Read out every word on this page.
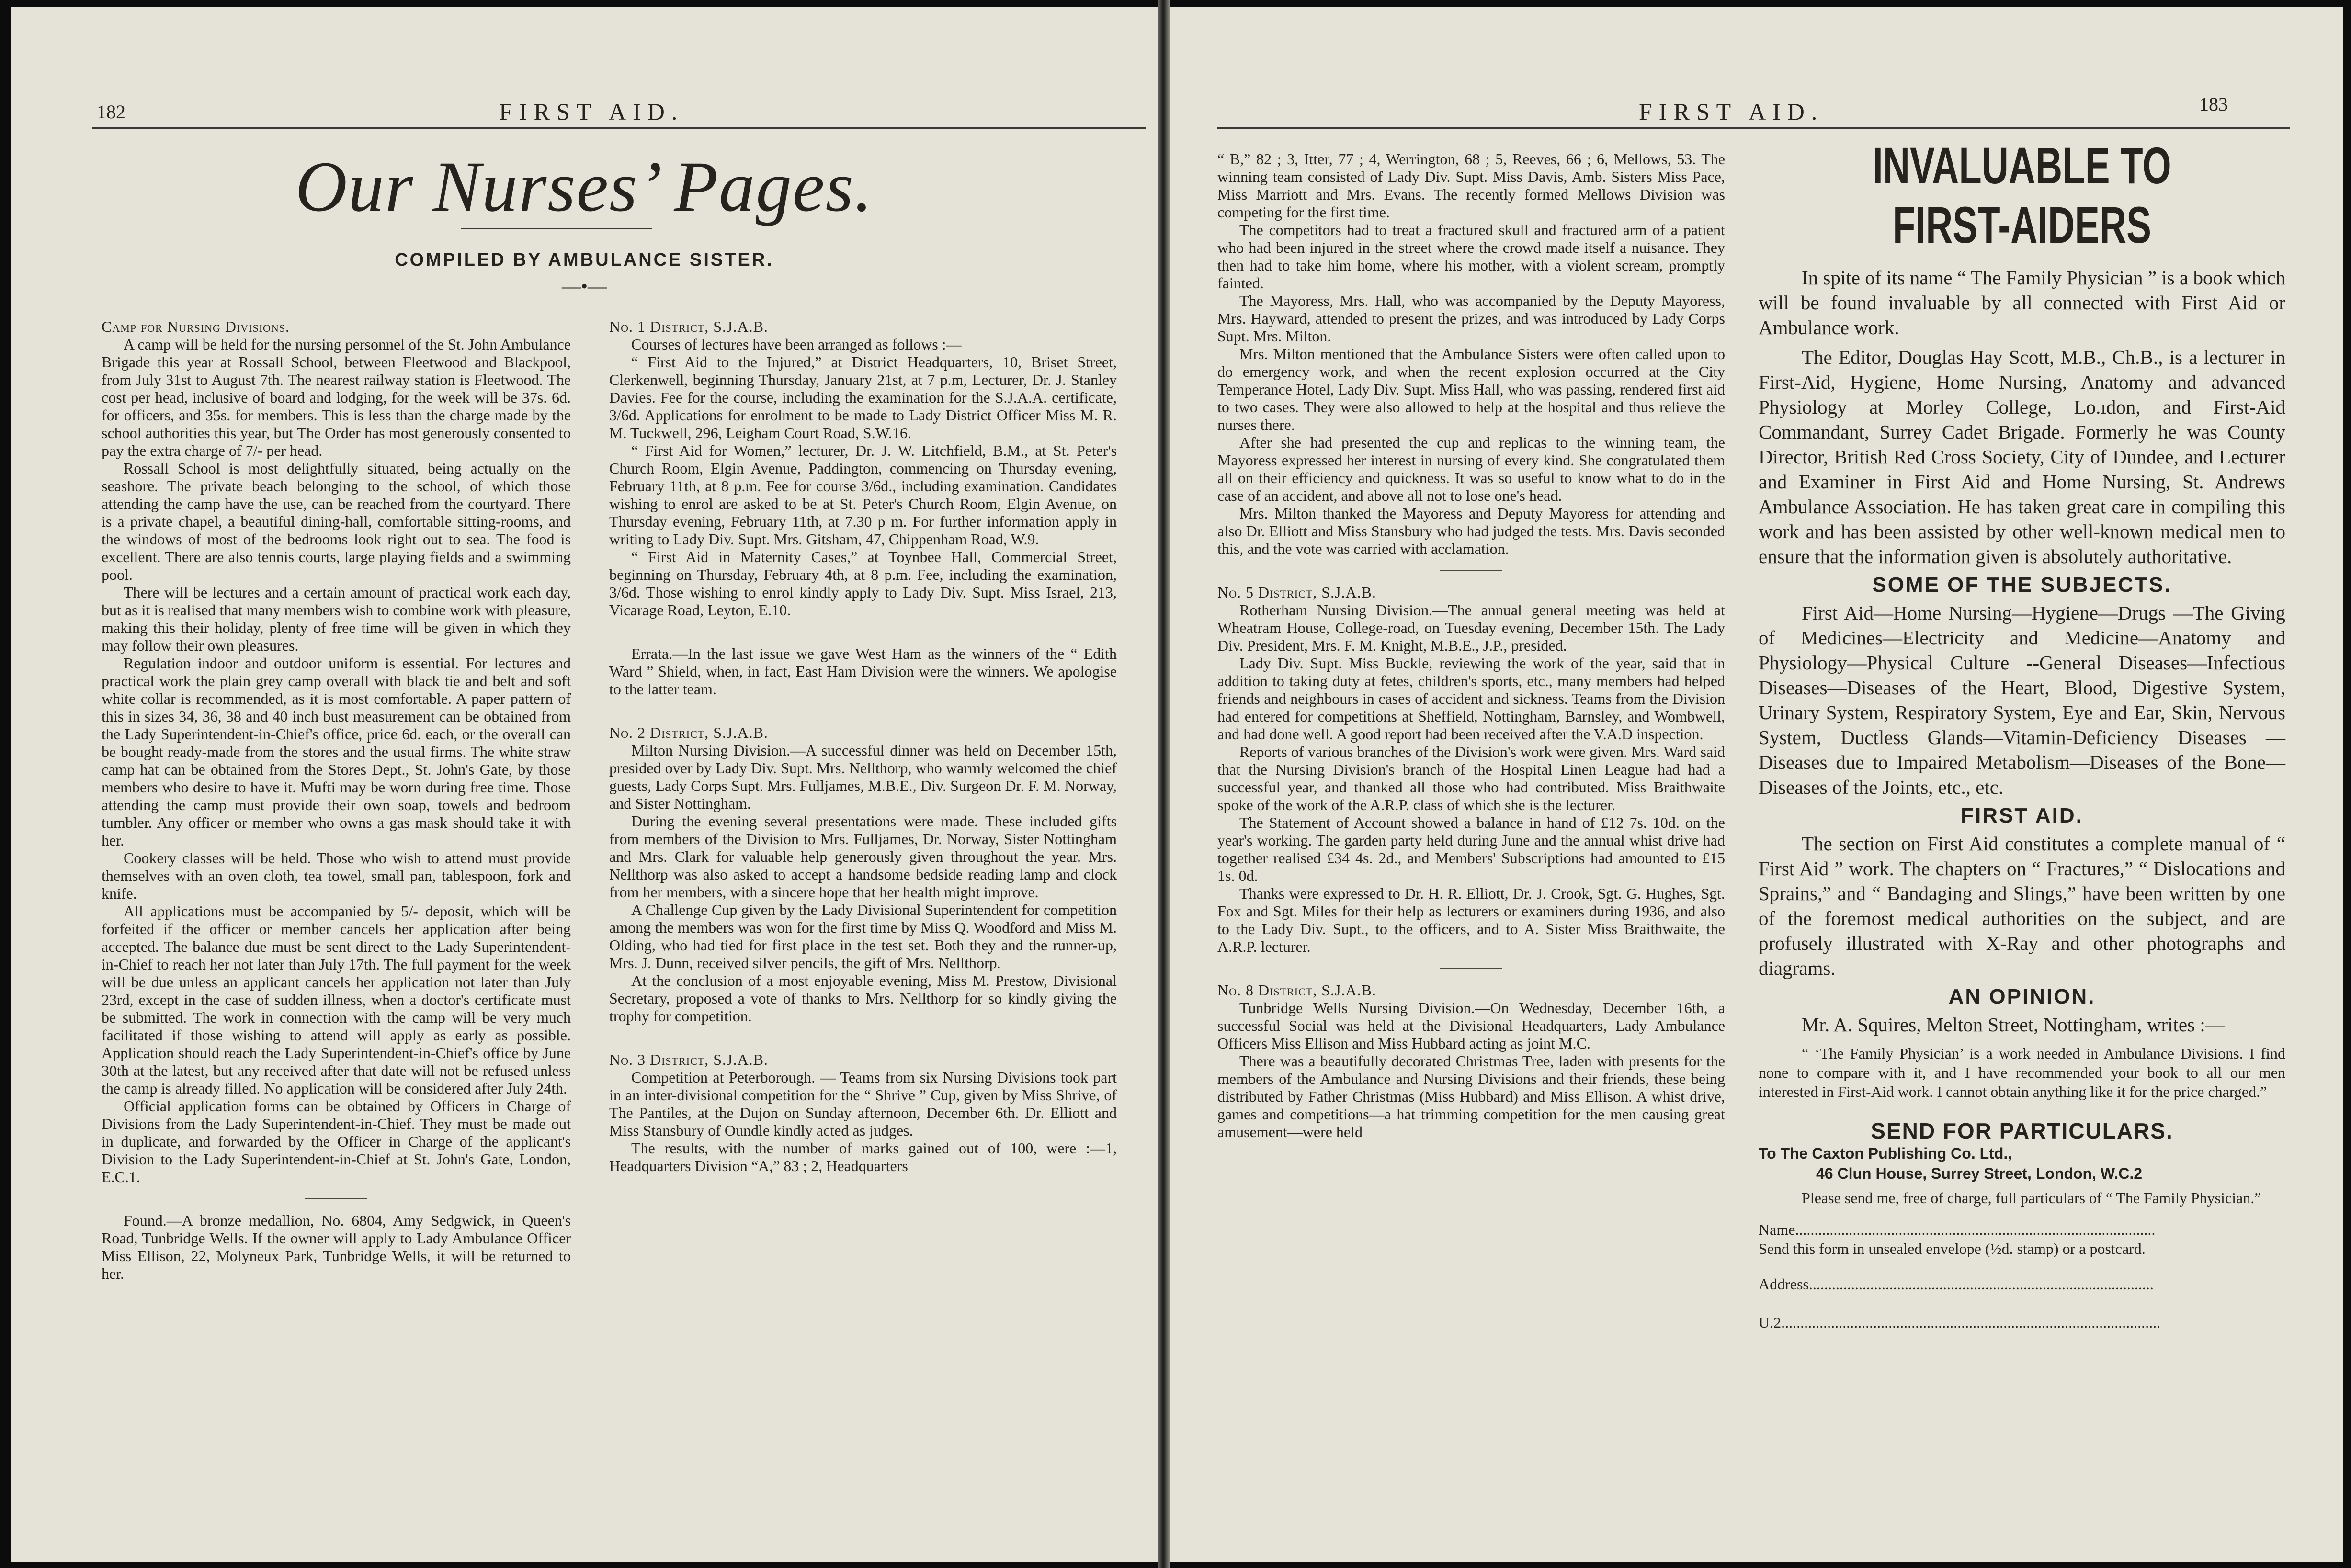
182	FIRST AID.
Our Nurses’ Pages.
COMPILED BY AMBULANCE SISTER.
—•—

Camp for Nursing Divisions.

A camp will be held for the nursing personnel of the St. John Ambulance Brigade this year at Rossall School, between Fleetwood and Blackpool, from July 31st to August 7th. The nearest railway station is Fleetwood. The cost per head, inclusive of board and lodging, for the week will be 37s. 6d. for officers, and 35s. for members. This is less than the charge made by the school authorities this year, but The Order has most generously consented to pay the extra charge of 7/- per head.

Rossall School is most delightfully situated, being actually on the seashore. The private beach belonging to the school, of which those attending the camp have the use, can be reached from the courtyard. There is a private chapel, a beautiful dining-hall, comfortable sitting-rooms, and the windows of most of the bedrooms look right out to sea. The food is excellent. There are also tennis courts, large playing fields and a swimming pool.

There will be lectures and a certain amount of practical work each day, but as it is realised that many members wish to combine work with pleasure, making this their holiday, plenty of free time will be given in which they may follow their own pleasures.

Regulation indoor and outdoor uniform is essential. For lectures and practical work the plain grey camp overall with black tie and belt and soft white collar is recommended, as it is most comfortable. A paper pattern of this in sizes 34, 36, 38 and 40 inch bust measurement can be obtained from the Lady Superintendent-in-Chief's office, price 6d. each, or the overall can be bought ready-made from the stores and the usual firms. The white straw camp hat can be obtained from the Stores Dept., St. John's Gate, by those members who desire to have it. Mufti may be worn during free time. Those attending the camp must provide their own soap, towels and bedroom tumbler. Any officer or member who owns a gas mask should take it with her.

Cookery classes will be held. Those who wish to attend must provide themselves with an oven cloth, tea towel, small pan, tablespoon, fork and knife.

All applications must be accompanied by 5/- deposit, which will be forfeited if the officer or member cancels her application after being accepted. The balance due must be sent direct to the Lady Superintendent-in-Chief to reach her not later than July 17th. The full payment for the week will be due unless an applicant cancels her application not later than July 23rd, except in the case of sudden illness, when a doctor's certificate must be submitted. The work in connection with the camp will be very much facilitated if those wishing to attend will apply as early as possible. Application should reach the Lady Superintendent-in-Chief's office by June 30th at the latest, but any received after that date will not be refused unless the camp is already filled. No application will be considered after July 24th.

Official application forms can be obtained by Officers in Charge of Divisions from the Lady Superintendent-in-Chief. They must be made out in duplicate, and forwarded by the Officer in Charge of the applicant's Division to the Lady Superintendent-in-Chief at St. John's Gate, London, E.C.1.

Found.—A bronze medallion, No. 6804, Amy Sedgwick, in Queen's Road, Tunbridge Wells. If the owner will apply to Lady Ambulance Officer Miss Ellison, 22, Molyneux Park, Tunbridge Wells, it will be returned to her.

No. 1 District, S.J.A.B.

Courses of lectures have been arranged as follows :—

“ First Aid to the Injured,” at District Headquarters, 10, Briset Street, Clerkenwell, beginning Thursday, January 21st, at 7 p.m, Lecturer, Dr. J. Stanley Davies. Fee for the course, including the examination for the S.J.A.A. certificate, 3/6d. Applications for enrolment to be made to Lady District Officer Miss M. R. M. Tuckwell, 296, Leigham Court Road, S.W.16.

“ First Aid for Women,” lecturer, Dr. J. W. Litchfield, B.M., at St. Peter's Church Room, Elgin Avenue, Paddington, commencing on Thursday evening, February 11th, at 8 p.m. Fee for course 3/6d., including examination. Candidates wishing to enrol are asked to be at St. Peter's Church Room, Elgin Avenue, on Thursday evening, February 11th, at 7.30 p m. For further information apply in writing to Lady Div. Supt. Mrs. Gitsham, 47, Chippenham Road, W.9.

“ First Aid in Maternity Cases,” at Toynbee Hall, Commercial Street, beginning on Thursday, February 4th, at 8 p.m. Fee, including the examination, 3/6d. Those wishing to enrol kindly apply to Lady Div. Supt. Miss Israel, 213, Vicarage Road, Leyton, E.10.

Errata.—In the last issue we gave West Ham as the winners of the “ Edith Ward ” Shield, when, in fact, East Ham Division were the winners. We apologise to the latter team.

No. 2 District, S.J.A.B.

Milton Nursing Division.—A successful dinner was held on December 15th, presided over by Lady Div. Supt. Mrs. Nellthorp, who warmly welcomed the chief guests, Lady Corps Supt. Mrs. Fulljames, M.B.E., Div. Surgeon Dr. F. M. Norway, and Sister Nottingham.

During the evening several presentations were made. These included gifts from members of the Division to Mrs. Fulljames, Dr. Norway, Sister Nottingham and Mrs. Clark for valuable help generously given throughout the year. Mrs. Nellthorp was also asked to accept a handsome bedside reading lamp and clock from her members, with a sincere hope that her health might improve.

A Challenge Cup given by the Lady Divisional Superintendent for competition among the members was won for the first time by Miss Q. Woodford and Miss M. Olding, who had tied for first place in the test set. Both they and the runner-up, Mrs. J. Dunn, received silver pencils, the gift of Mrs. Nellthorp.

At the conclusion of a most enjoyable evening, Miss M. Prestow, Divisional Secretary, proposed a vote of thanks to Mrs. Nellthorp for so kindly giving the trophy for competition.

No. 3 District, S.J.A.B.

Competition at Peterborough. — Teams from six Nursing Divisions took part in an inter-divisional competition for the “ Shrive ” Cup, given by Miss Shrive, of The Pantiles, at the Dujon on Sunday afternoon, December 6th. Dr. Elliott and Miss Stansbury of Oundle kindly acted as judges.

The results, with the number of marks gained out of 100, were :—1, Headquarters Division “A,” 83 ; 2, Headquarters

FIRST AID.	183

“ B,” 82 ; 3, Itter, 77 ; 4, Werrington, 68 ; 5, Reeves, 66 ; 6, Mellows, 53. The winning team consisted of Lady Div. Supt. Miss Davis, Amb. Sisters Miss Pace, Miss Marriott and Mrs. Evans. The recently formed Mellows Division was competing for the first time.

The competitors had to treat a fractured skull and fractured arm of a patient who had been injured in the street where the crowd made itself a nuisance. They then had to take him home, where his mother, with a violent scream, promptly fainted.

The Mayoress, Mrs. Hall, who was accompanied by the Deputy Mayoress, Mrs. Hayward, attended to present the prizes, and was introduced by Lady Corps Supt. Mrs. Milton.

Mrs. Milton mentioned that the Ambulance Sisters were often called upon to do emergency work, and when the recent explosion occurred at the City Temperance Hotel, Lady Div. Supt. Miss Hall, who was passing, rendered first aid to two cases. They were also allowed to help at the hospital and thus relieve the nurses there.

After she had presented the cup and replicas to the winning team, the Mayoress expressed her interest in nursing of every kind. She congratulated them all on their efficiency and quickness. It was so useful to know what to do in the case of an accident, and above all not to lose one's head.

Mrs. Milton thanked the Mayoress and Deputy Mayoress for attending and also Dr. Elliott and Miss Stansbury who had judged the tests. Mrs. Davis seconded this, and the vote was carried with acclamation.

No. 5 District, S.J.A.B.

Rotherham Nursing Division.—The annual general meeting was held at Wheatram House, College-road, on Tuesday evening, December 15th. The Lady Div. President, Mrs. F. M. Knight, M.B.E., J.P., presided.

Lady Div. Supt. Miss Buckle, reviewing the work of the year, said that in addition to taking duty at fetes, children's sports, etc., many members had helped friends and neighbours in cases of accident and sickness. Teams from the Division had entered for competitions at Sheffield, Nottingham, Barnsley, and Wombwell, and had done well. A good report had been received after the V.A.D inspection.

Reports of various branches of the Division's work were given. Mrs. Ward said that the Nursing Division's branch of the Hospital Linen League had had a successful year, and thanked all those who had contributed. Miss Braithwaite spoke of the work of the A.R.P. class of which she is the lecturer.

The Statement of Account showed a balance in hand of £12 7s. 10d. on the year's working. The garden party held during June and the annual whist drive had together realised £34 4s. 2d., and Members' Subscriptions had amounted to £15 1s. 0d.

Thanks were expressed to Dr. H. R. Elliott, Dr. J. Crook, Sgt. G. Hughes, Sgt. Fox and Sgt. Miles for their help as lecturers or examiners during 1936, and also to the Lady Div. Supt., to the officers, and to A. Sister Miss Braithwaite, the A.R.P. lecturer.

No. 8 District, S.J.A.B.

Tunbridge Wells Nursing Division.—On Wednesday, December 16th, a successful Social was held at the Divisional Headquarters, Lady Ambulance Officers Miss Ellison and Miss Hubbard acting as joint M.C.

There was a beautifully decorated Christmas Tree, laden with presents for the members of the Ambulance and Nursing Divisions and their friends, these being distributed by Father Christmas (Miss Hubbard) and Miss Ellison. A whist drive, games and competitions—a hat trimming competition for the men causing great amusement—were held

INVALUABLE TO
FIRST-AIDERS

In spite of its name “ The Family Physician ” is a book which will be found invaluable by all connected with First Aid or Ambulance work.

The Editor, Douglas Hay Scott, M.B., Ch.B., is a lecturer in First-Aid, Hygiene, Home Nursing, Anatomy and advanced Physiology at Morley College, Lo.ıdon, and First-Aid Commandant, Surrey Cadet Brigade. Formerly he was County Director, British Red Cross Society, City of Dundee, and Lecturer and Examiner in First Aid and Home Nursing, St. Andrews Ambulance Association. He has taken great care in compiling this work and has been assisted by other well-known medical men to ensure that the information given is absolutely authoritative.

SOME OF THE SUBJECTS.

First Aid—Home Nursing—Hygiene—Drugs —The Giving of Medicines—Electricity and Medicine—Anatomy and Physiology—Physical Culture --General Diseases—Infectious Diseases—Diseases of the Heart, Blood, Digestive System, Urinary System, Respiratory System, Eye and Ear, Skin, Nervous System, Ductless Glands—Vitamin-Deficiency Diseases — Diseases due to Impaired Metabolism—Diseases of the Bone—Diseases of the Joints, etc., etc.

FIRST AID.

The section on First Aid constitutes a complete manual of “ First Aid ” work. The chapters on “ Fractures,” “ Dislocations and Sprains,” and “ Bandaging and Slings,” have been written by one of the foremost medical authorities on the subject, and are profusely illustrated with X-Ray and other photographs and diagrams.

AN OPINION.

Mr. A. Squires, Melton Street, Nottingham, writes :—

“ ‘The Family Physician’ is a work needed in Ambulance Divisions. I find none to compare with it, and I have recommended your book to all our men interested in First-Aid work. I cannot obtain anything like it for the price charged.”

SEND FOR PARTICULARS.
To The Caxton Publishing Co. Ltd.,
46 Clun House, Surrey Street, London, W.C.2

Please send me, free of charge, full particulars of “ The Family Physician.”

Name..............................................................................................
Send this form in unsealed envelope (½d. stamp) or a postcard.
Address..........................................................................................
U.2...................................................................................................
